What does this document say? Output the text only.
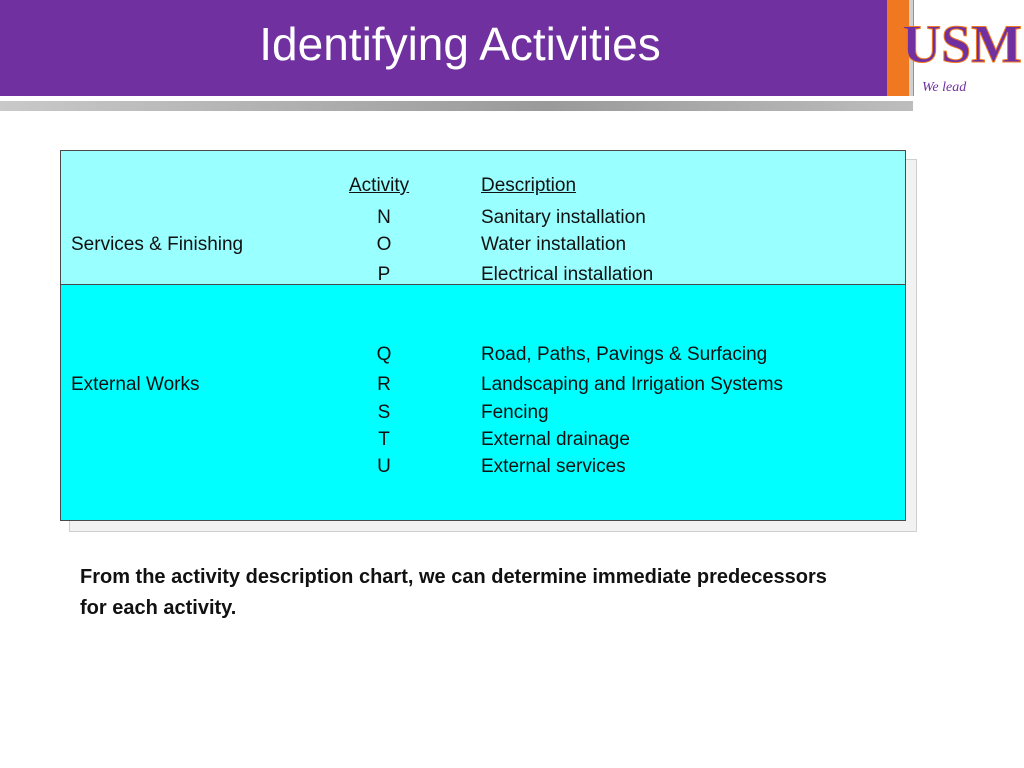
Identifying Activities	USM
We lead
Activity	Description
Services & Finishing
N	Sanitary installation
O	Water installation
P	Electrical installation
External Works
Q	Road, Paths, Pavings & Surfacing
R	Landscaping and Irrigation Systems
S	Fencing
T	External drainage
U	External services
From the activity description chart, we can determine immediate predecessors for each activity.
